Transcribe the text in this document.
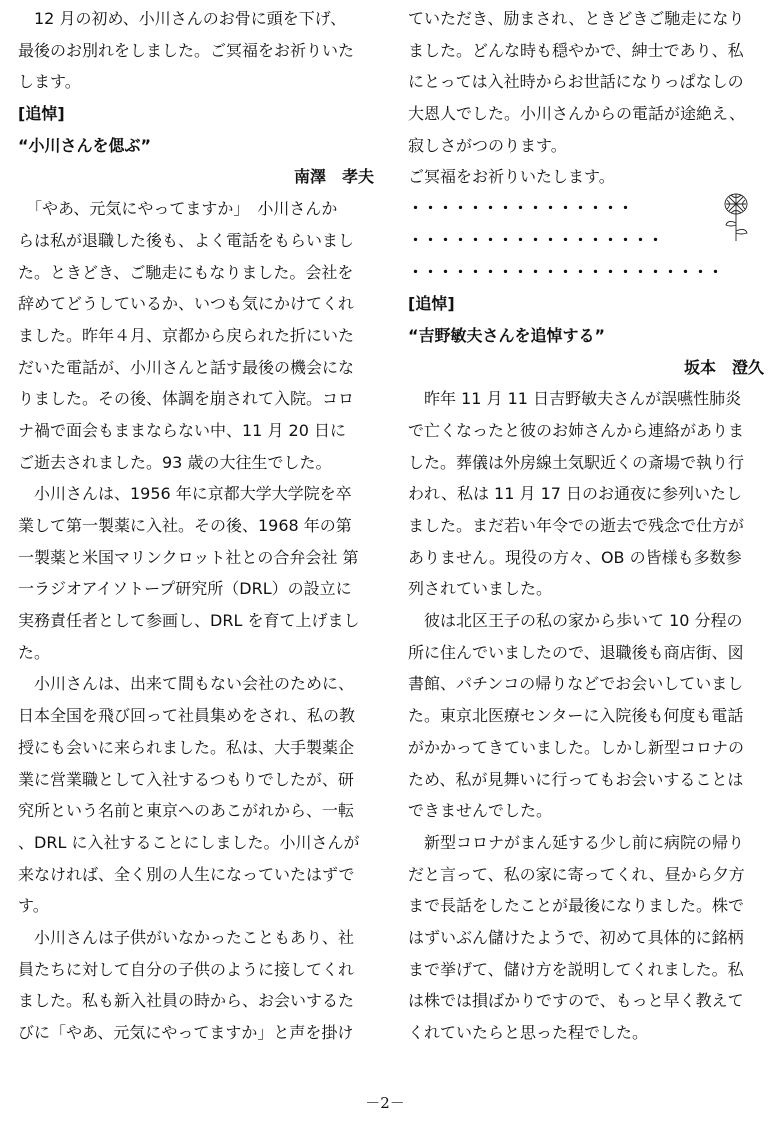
　12 月の初め、小川さんのお骨に頭を下げ、
最後のお別れをしました。ご冥福をお祈りいた
します。
[追悼]
“小川さんを偲ぶ”
南澤　孝夫
　「やあ、元気にやってますか」　小川さんか
らは私が退職した後も、よく電話をもらいまし
た。ときどき、ご馳走にもなりました。会社を
辞めてどうしているか、いつも気にかけてくれ
ました。昨年４月、京都から戻られた折にいた
だいた電話が、小川さんと話す最後の機会にな
りました。その後、体調を崩されて入院。コロ
ナ禍で面会もままならない中、11 月 20 日に
ご逝去されました。93 歳の大往生でした。
　小川さんは、1956 年に京都大学大学院を卒
業して第一製薬に入社。その後、1968 年の第
一製薬と米国マリンクロット社との合弁会社 第
一ラジオアイソトープ研究所（DRL）の設立に
実務責任者として参画し、DRL を育て上げまし
た。
　小川さんは、出来て間もない会社のために、
日本全国を飛び回って社員集めをされ、私の教
授にも会いに来られました。私は、大手製薬企
業に営業職として入社するつもりでしたが、研
究所という名前と東京へのあこがれから、一転
、DRL に入社することにしました。小川さんが
来なければ、全く別の人生になっていたはずで
す。
　小川さんは子供がいなかったこともあり、社
員たちに対して自分の子供のように接してくれ
ました。私も新入社員の時から、お会いするた
びに「やあ、元気にやってますか」と声を掛け
ていただき、励まされ、ときどきご馳走になり
ました。どんな時も穏やかで、紳士であり、私
にとっては入社時からお世話になりっぱなしの
大恩人でした。小川さんからの電話が途絶え、
寂しさがつのります。
ご冥福をお祈りいたします。
・・・・・・・・・・・・・・・
・・・・・・・・・・・・・・・・・
・・・・・・・・・・・・・・・・・・・・・
[追悼]
“吉野敏夫さんを追悼する”
坂本　澄久
　昨年 11 月 11 日吉野敏夫さんが誤嚥性肺炎
で亡くなったと彼のお姉さんから連絡がありま
した。葬儀は外房線土気駅近くの斎場で執り行
われ、私は 11 月 17 日のお通夜に参列いたし
ました。まだ若い年令での逝去で残念で仕方が
ありません。現役の方々、OB の皆様も多数参
列されていました。
　彼は北区王子の私の家から歩いて 10 分程の
所に住んでいましたので、退職後も商店街、図
書館、パチンコの帰りなどでお会いしていまし
た。東京北医療センターに入院後も何度も電話
がかかってきていました。しかし新型コロナの
ため、私が見舞いに行ってもお会いすることは
できませんでした。
　新型コロナがまん延する少し前に病院の帰り
だと言って、私の家に寄ってくれ、昼から夕方
まで長話をしたことが最後になりました。株で
はずいぶん儲けたようで、初めて具体的に銘柄
まで挙げて、儲け方を説明してくれました。私
は株では損ばかりですので、もっと早く教えて
くれていたらと思った程でした。
－2－
